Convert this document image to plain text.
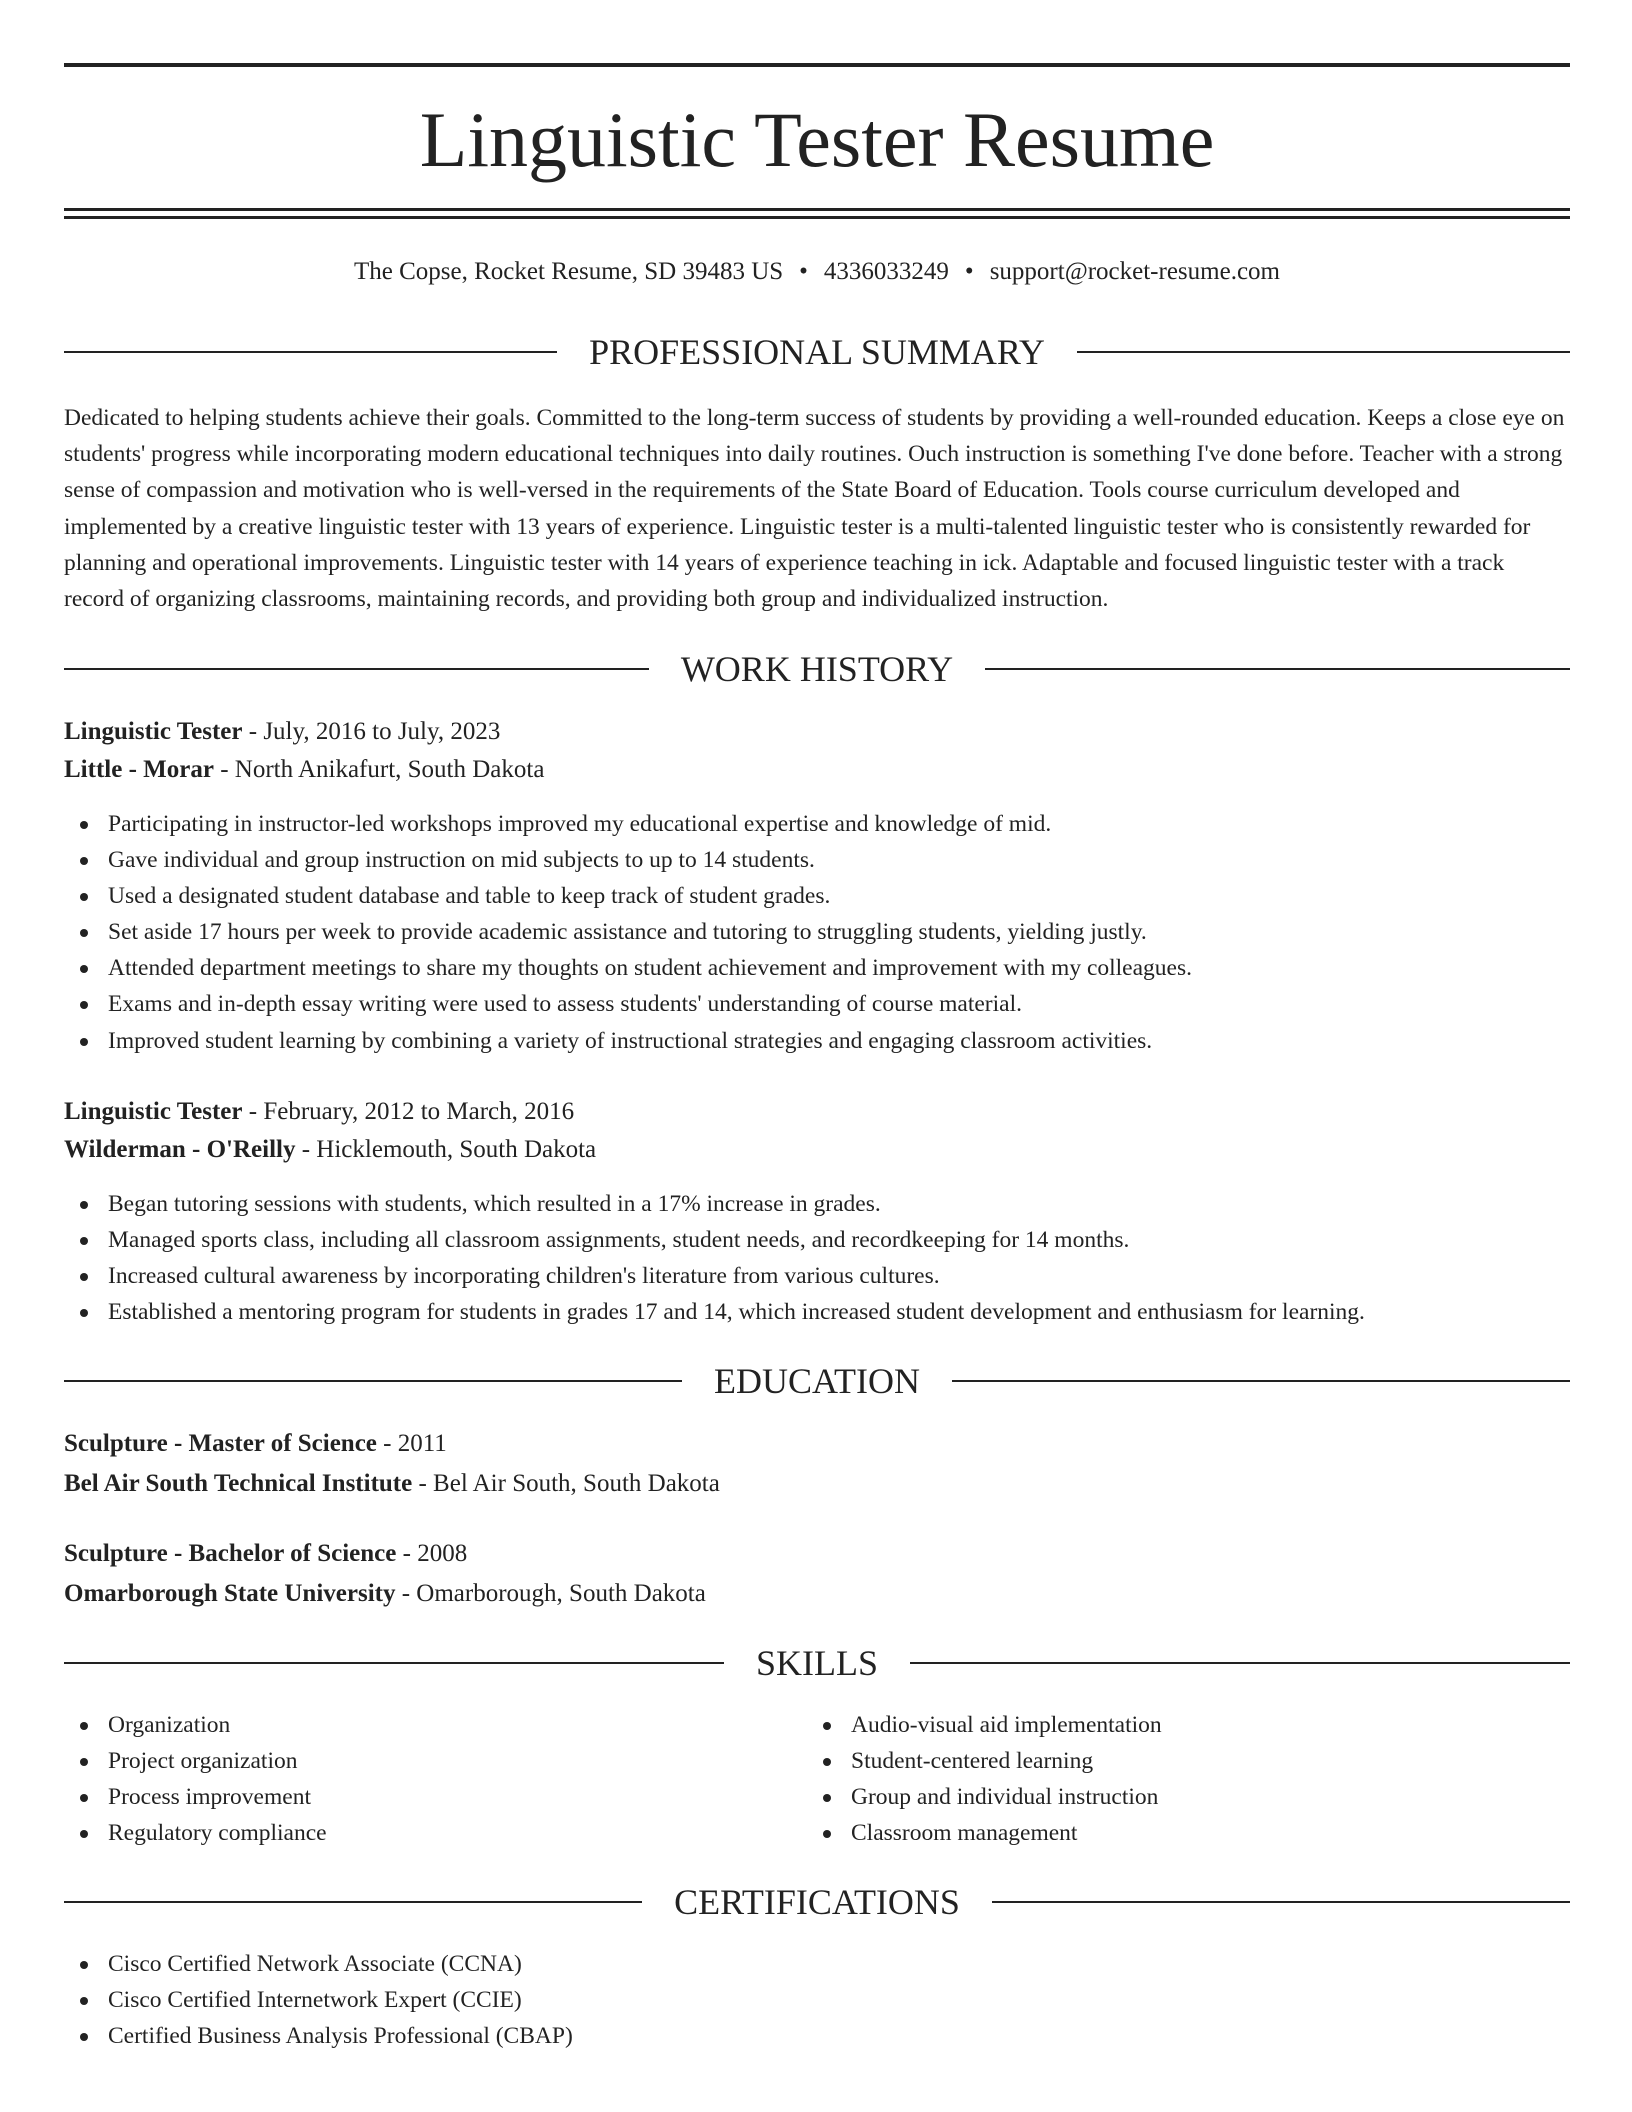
Linguistic Tester Resume
The Copse, Rocket Resume, SD 39483 US • 4336033249 • support@rocket-resume.com
PROFESSIONAL SUMMARY

Dedicated to helping students achieve their goals. Committed to the long-term success of students by providing a well-rounded education. Keeps a close eye on students' progress while incorporating modern educational techniques into daily routines. Ouch instruction is something I've done before. Teacher with a strong sense of compassion and motivation who is well-versed in the requirements of the State Board of Education. Tools course curriculum developed and implemented by a creative linguistic tester with 13 years of experience. Linguistic tester is a multi-talented linguistic tester who is consistently rewarded for planning and operational improvements. Linguistic tester with 14 years of experience teaching in ick. Adaptable and focused linguistic tester with a track record of organizing classrooms, maintaining records, and providing both group and individualized instruction.

WORK HISTORY
Linguistic Tester - July, 2016 to July, 2023
Little - Morar - North Anikafurt, South Dakota
Participating in instructor-led workshops improved my educational expertise and knowledge of mid.
Gave individual and group instruction on mid subjects to up to 14 students.
Used a designated student database and table to keep track of student grades.
Set aside 17 hours per week to provide academic assistance and tutoring to struggling students, yielding justly.
Attended department meetings to share my thoughts on student achievement and improvement with my colleagues.
Exams and in-depth essay writing were used to assess students' understanding of course material.
Improved student learning by combining a variety of instructional strategies and engaging classroom activities.
Linguistic Tester - February, 2012 to March, 2016
Wilderman - O'Reilly - Hicklemouth, South Dakota
Began tutoring sessions with students, which resulted in a 17% increase in grades.
Managed sports class, including all classroom assignments, student needs, and recordkeeping for 14 months.
Increased cultural awareness by incorporating children's literature from various cultures.
Established a mentoring program for students in grades 17 and 14, which increased student development and enthusiasm for learning.
EDUCATION
Sculpture - Master of Science - 2011
Bel Air South Technical Institute - Bel Air South, South Dakota
Sculpture - Bachelor of Science - 2008
Omarborough State University - Omarborough, South Dakota
SKILLS
Organization
Project organization
Process improvement
Regulatory compliance
Audio-visual aid implementation
Student-centered learning
Group and individual instruction
Classroom management
CERTIFICATIONS
Cisco Certified Network Associate (CCNA)
Cisco Certified Internetwork Expert (CCIE)
Certified Business Analysis Professional (CBAP)
